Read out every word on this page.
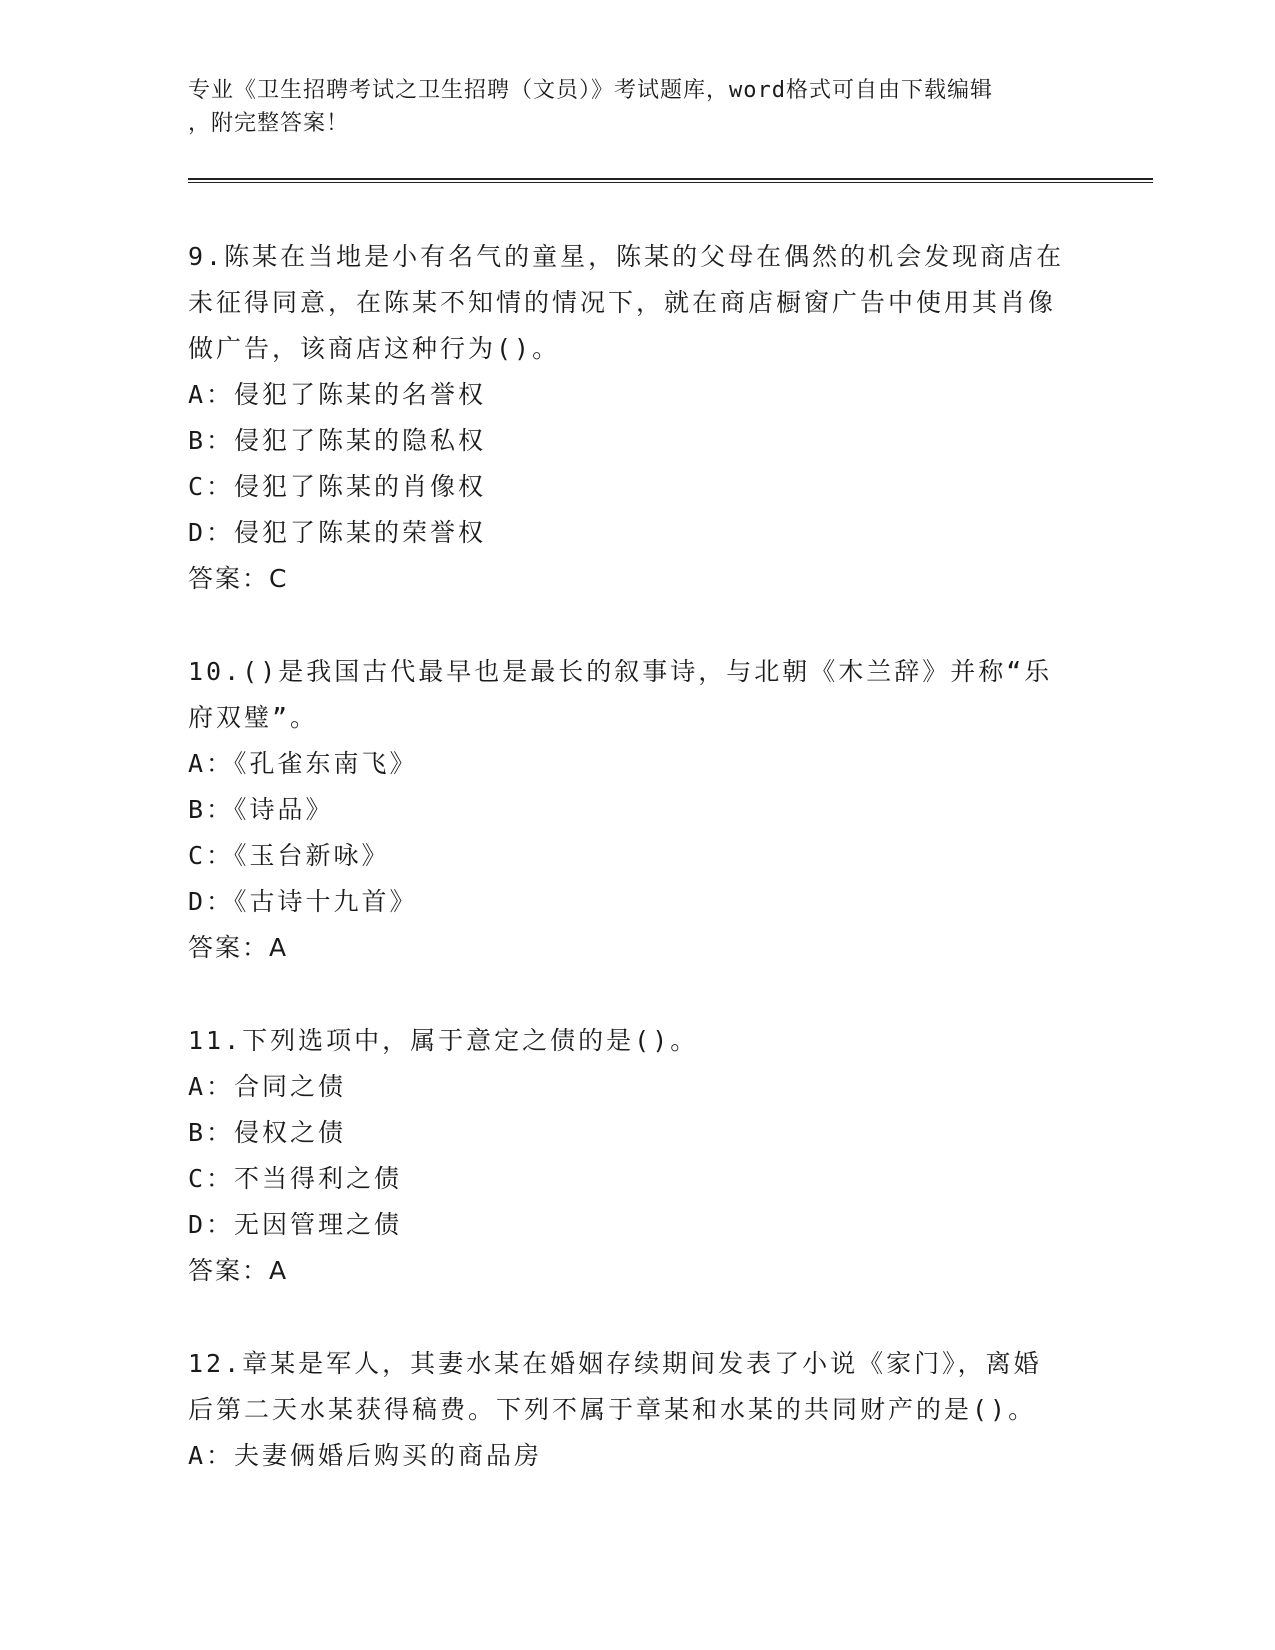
专业《卫生招聘考试之卫生招聘（文员）》考试题库，word格式可自由下载编辑
，附完整答案！
9.陈某在当地是小有名气的童星，陈某的父母在偶然的机会发现商店在未征得同意，在陈某不知情的情况下，就在商店橱窗广告中使用其肖像做广告，该商店这种行为()。
A：侵犯了陈某的名誉权
B：侵犯了陈某的隐私权
C：侵犯了陈某的肖像权
D：侵犯了陈某的荣誉权
答案：C
10.()是我国古代最早也是最长的叙事诗，与北朝《木兰辞》并称“乐府双璧”。
A：《孔雀东南飞》
B：《诗品》
C：《玉台新咏》
D：《古诗十九首》
答案：A
11.下列选项中，属于意定之债的是()。
A：合同之债
B：侵权之债
C：不当得利之债
D：无因管理之债
答案：A
12.章某是军人，其妻水某在婚姻存续期间发表了小说《家门》，离婚后第二天水某获得稿费。下列不属于章某和水某的共同财产的是()。
A：夫妻俩婚后购买的商品房
